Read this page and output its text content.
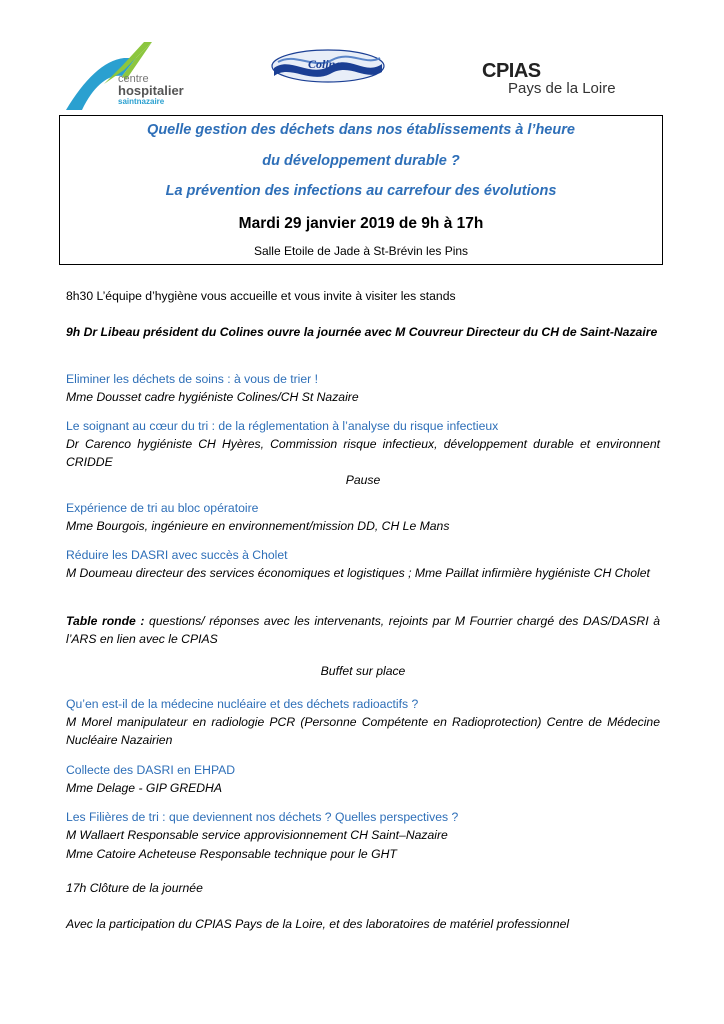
centre
hospitalier
saintnazaire
Colines	CPIAS
Pays de la Loire
Quelle gestion des déchets dans nos établissements à l’heure
du développement durable ?
La prévention des infections au carrefour des évolutions
Mardi 29 janvier 2019 de 9h à 17h
Salle Etoile de Jade à St-Brévin les Pins

8h30 L’équipe d’hygiène vous accueille et vous invite à visiter les stands

9h Dr Libeau président du Colines ouvre la journée avec M Couvreur Directeur du CH de Saint-Nazaire

Eliminer les déchets de soins : à vous de trier !

Mme Dousset cadre hygiéniste Colines/CH St Nazaire

Le soignant au cœur du tri : de la réglementation à l’analyse du risque infectieux

Dr Carenco hygiéniste CH Hyères, Commission risque infectieux, développement durable et environnent CRIDDE

Pause

Expérience de tri au bloc opératoire

Mme Bourgois, ingénieure en environnement/mission DD, CH Le Mans

Réduire les DASRI avec succès à Cholet

M Doumeau directeur des services économiques et logistiques ; Mme Paillat infirmière hygiéniste CH Cholet

Table ronde : questions/ réponses avec les intervenants, rejoints par M Fourrier chargé des DAS/DASRI à l’ARS en lien avec le CPIAS

Buffet sur place

Qu’en est-il de la médecine nucléaire et des déchets radioactifs ?

M Morel manipulateur en radiologie PCR (Personne Compétente en Radioprotection) Centre de Médecine Nucléaire Nazairien

Collecte des DASRI en EHPAD

Mme Delage - GIP GREDHA

Les Filières de tri : que deviennent nos déchets ? Quelles perspectives ?

M Wallaert Responsable service approvisionnement CH Saint–Nazaire

Mme Catoire Acheteuse Responsable technique pour le GHT

17h Clôture de la journée

Avec la participation du CPIAS Pays de la Loire, et des laboratoires de matériel professionnel
